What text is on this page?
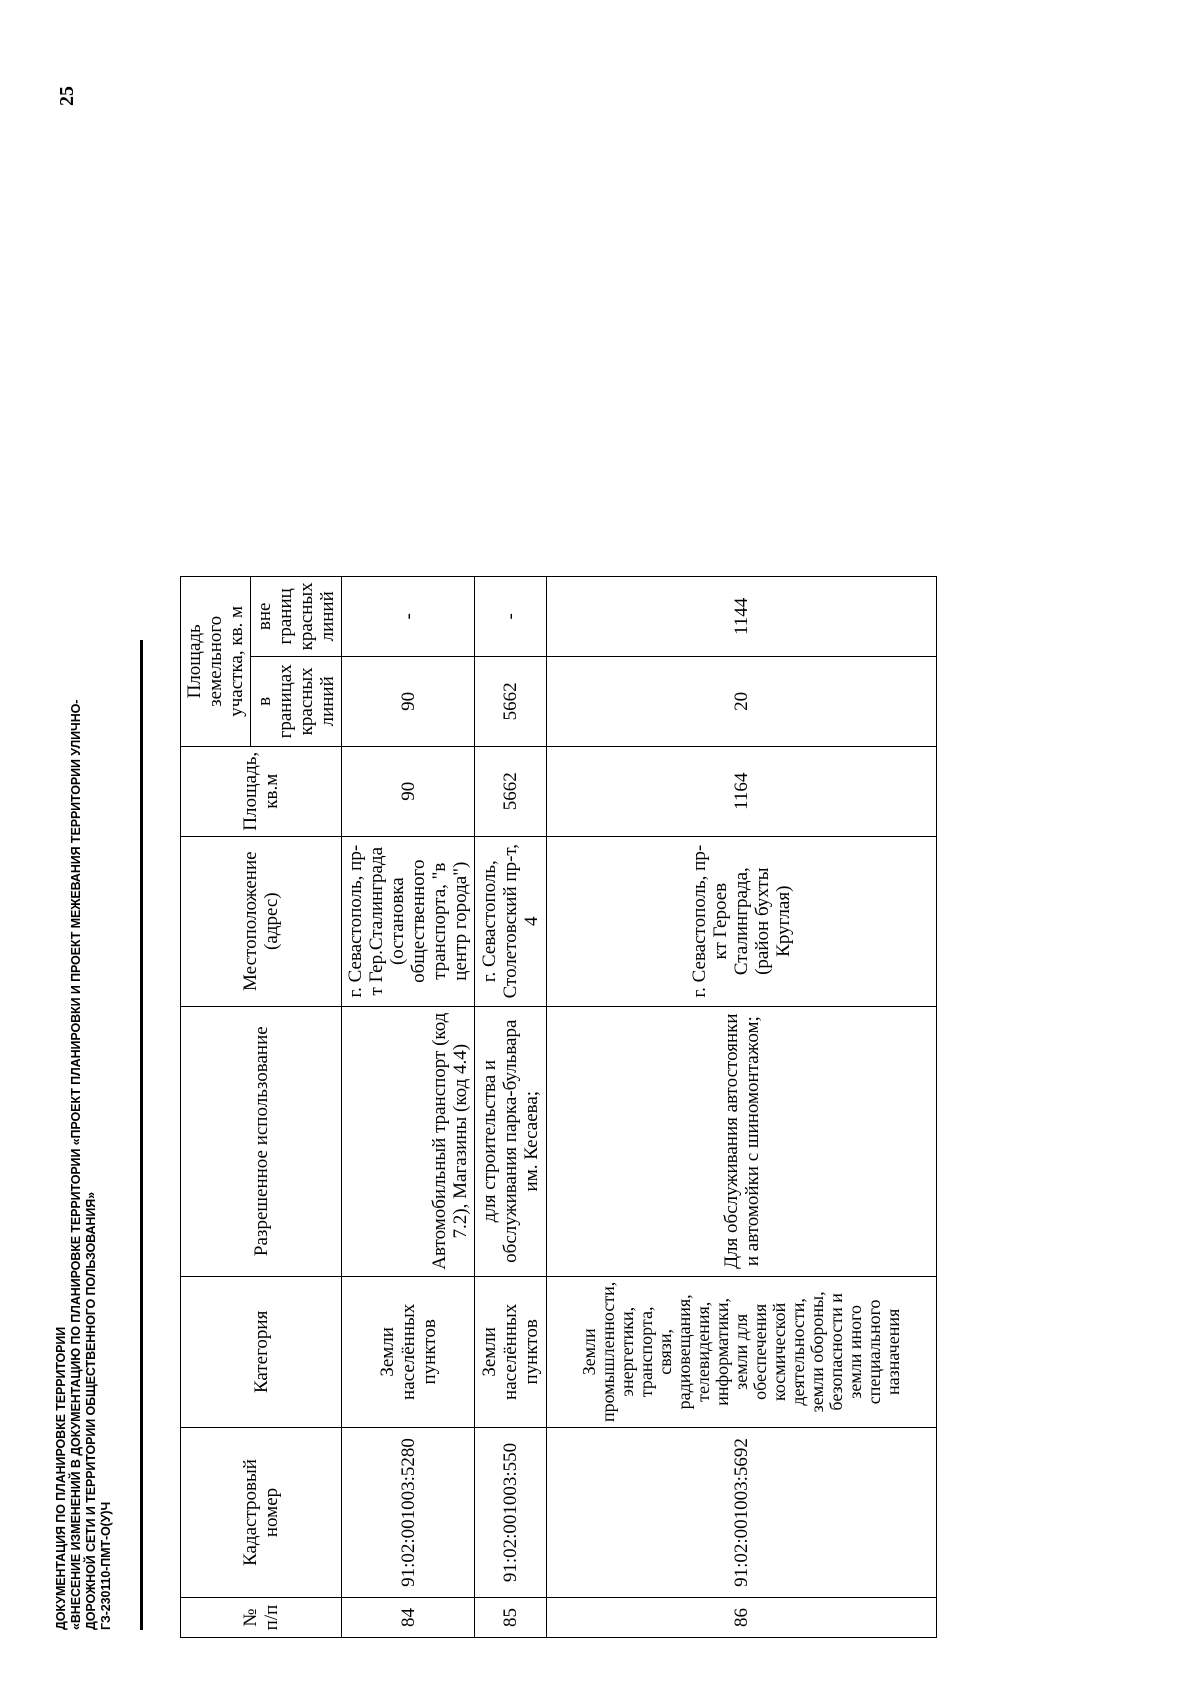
ДОКУМЕНТАЦИЯ ПО ПЛАНИРОВКЕ ТЕРРИТОРИИ «ВНЕСЕНИЕ ИЗМЕНЕНИЙ В ДОКУМЕНТАЦИЮ ПО ПЛАНИРОВКЕ ТЕРРИТОРИИ «ПРОЕКТ ПЛАНИРОВКИ И ПРОЕКТ МЕЖЕВАНИЯ ТЕРРИТОРИИ УЛИЧНО- ДОРОЖНОЙ СЕТИ И ТЕРРИТОРИИ ОБЩЕСТВЕННОГО ПОЛЬЗОВАНИЯ» ГЗ-230110-ПМТ-О(У)Ч
25
№ п/п	Кадастровый номер	Категория	Разрешенное использование	Местоположение (адрес)	Площадь, кв.м	Площадь земельного участка, кв. м	
						в границах красных линий	вне границ красных линий
84	91:02:001003:5280	Земли населённых пунктов	Автомобильный транспорт (код 7.2), Магазины (код 4.4)	г. Севастополь, пр-т Гер.Сталинграда (остановка общественного транспорта, "в центр города")	90	90	-
85	91:02:001003:550	Земли населённых пунктов	для строительства и обслуживания парка-бульвара им. Кесаева;	г. Севастополь, Столетовский пр-т, 4	5662	5662	-
86	91:02:001003:5692	Земли промышленности, энергетики, транспорта, связи, радиовещания, телевидения, информатики, земли для обеспечения космической деятельности, земли обороны, безопасности и земли иного специального назначения	Для обслуживания автостоянки и автомойки с шиномонтажом;	г. Севастополь, пр-кт Героев Сталинграда, (район бухты Круглая)	1164	20	1144
